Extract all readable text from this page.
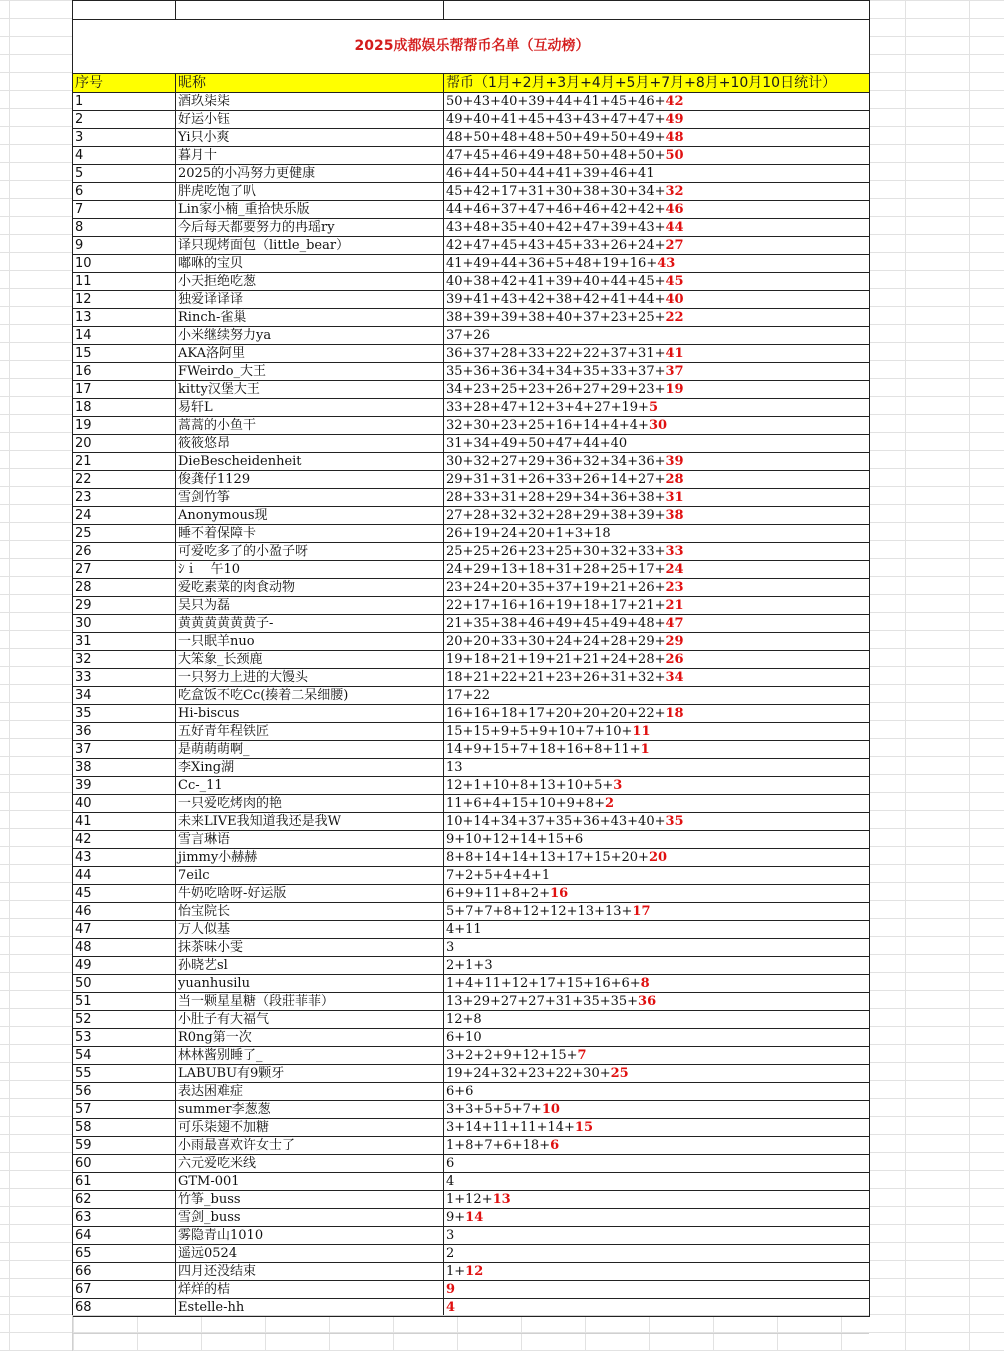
2025成都娱乐帮帮币名单（互动榜）		
序号	昵称	帮币（1月+2月+3月+4月+5月+7月+8月+10月10日统计）
1	酒玖柒柒	50+43+40+39+44+41+45+46+42
2	好运小钰	49+40+41+45+43+43+47+47+49
3	Yi只小爽	48+50+48+48+50+49+50+49+48
4	暮月十	47+45+46+49+48+50+48+50+50
5	2025的小冯努力更健康	46+44+50+44+41+39+46+41
6	胖虎吃饱了叭	45+42+17+31+30+38+30+34+32
7	Lin家小楠_重拾快乐版	44+46+37+47+46+46+42+42+46
8	今后每天都要努力的冉瑶ry	43+48+35+40+42+47+39+43+44
9	译只现烤面包（little_bear）	42+47+45+43+45+33+26+24+27
10	嘟咻的宝贝	41+49+44+36+5+48+19+16+43
11	小天拒绝吃葱	40+38+42+41+39+40+44+45+45
12	独爱译译译	39+41+43+42+38+42+41+44+40
13	Rinch-雀巢	38+39+39+38+40+37+23+25+22
14	小米继续努力ya	37+26
15	AKA洛阿里	36+37+28+33+22+22+37+31+41
16	FWeirdo_大王	35+36+36+34+34+35+33+37+37
17	kitty汉堡大王	34+23+25+23+26+27+29+23+19
18	易轩L	33+28+47+12+3+4+27+19+5
19	蒿蒿的小鱼干	32+30+23+25+16+14+4+4+30
20	筱筱悠昂	31+34+49+50+47+44+40
21	DieBescheidenheit	30+32+27+29+36+32+34+36+39
22	俊龚仔1129	29+31+31+26+33+26+14+27+28
23	雪剑竹筝	28+33+31+28+29+34+36+38+31
24	Anonymous现	27+28+32+32+28+29+38+39+38
25	睡不着保障卡	26+19+24+20+1+3+18
26	可爱吃多了的小盈子呀	25+25+26+23+25+30+32+33+33
27	ｼｉ　午10	24+29+13+18+31+28+25+17+24
28	爱吃素菜的肉食动物	23+24+20+35+37+19+21+26+23
29	吴只为磊	22+17+16+16+19+18+17+21+21
30	黄黄黄黄黄黄子-	21+35+38+46+49+45+49+48+47
31	一只眠羊nuo	20+20+33+30+24+24+28+29+29
32	大笨象_长颈鹿	19+18+21+19+21+21+24+28+26
33	一只努力上进的大馒头	18+21+22+21+23+26+31+32+34
34	吃盒饭不吃Cc(揍着二呆细腰)	17+22
35	Hi-biscus	16+16+18+17+20+20+20+22+18
36	五好青年程铁匠	15+15+9+5+9+10+7+10+11
37	是萌萌萌啊_	14+9+15+7+18+16+8+11+1
38	李Xing湖	13
39	Cc-_11	12+1+10+8+13+10+5+3
40	一只爱吃烤肉的艳	11+6+4+15+10+9+8+2
41	未来LIVE我知道我还是我W	10+14+34+37+35+36+43+40+35
42	雪言琳语	9+10+12+14+15+6
43	jimmy小赫赫	8+8+14+14+13+17+15+20+20
44	7eilc	7+2+5+4+4+1
45	牛奶吃啥呀-好运版	6+9+11+8+2+16
46	怡宝院长	5+7+7+8+12+12+13+13+17
47	万人似基	4+11
48	抹茶味小雯	3
49	孙晓艺sl	2+1+3
50	yuanhusilu	1+4+11+12+17+15+16+6+8
51	当一颗星星糖（段莊菲菲）	13+29+27+27+31+35+35+36
52	小肚子有大福气	12+8
53	R0ng第一次	6+10
54	林林酱别睡了_	3+2+2+9+12+15+7
55	LABUBU有9颗牙	19+24+32+23+22+30+25
56	表达困难症	6+6
57	summer李葱葱	3+3+5+5+7+10
58	可乐柒翅不加糖	3+14+11+11+14+15
59	小雨最喜欢许女士了	1+8+7+6+18+6
60	六元爱吃米线	6
61	GTM-001	4
62	竹筝_buss	1+12+13
63	雪剑_buss	9+14
64	雾隐青山1010	3
65	遥远0524	2
66	四月还没结束	1+12
67	烊烊的桔	9
68	Estelle-hh	4
